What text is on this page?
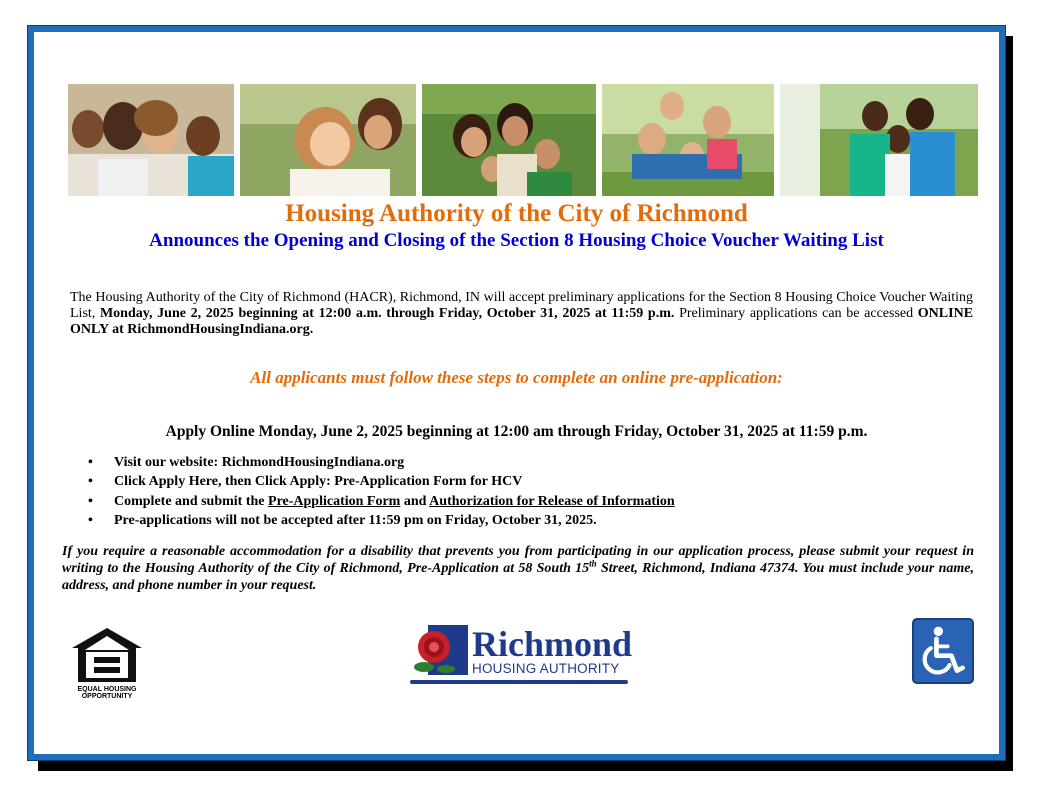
Housing Authority of the City of Richmond
Announces the Opening and Closing of the Section 8 Housing Choice Voucher Waiting List
The Housing Authority of the City of Richmond (HACR), Richmond, IN will accept preliminary applications for the Section 8 Housing Choice Voucher Waiting List, Monday, June 2, 2025 beginning at 12:00 a.m. through Friday, October 31, 2025 at 11:59 p.m. Preliminary applications can be accessed ONLINE ONLY at RichmondHousingIndiana.org.
All applicants must follow these steps to complete an online pre-application:
Apply Online Monday, June 2, 2025 beginning at 12:00 am through Friday, October 31, 2025 at 11:59 p.m.
• Visit our website: RichmondHousingIndiana.org
• Click Apply Here, then Click Apply: Pre-Application Form for HCV
• Complete and submit the Pre-Application Form and Authorization for Release of Information
• Pre-applications will not be accepted after 11:59 pm on Friday, October 31, 2025.
If you require a reasonable accommodation for a disability that prevents you from participating in our application process, please submit your request in writing to the Housing Authority of the City of Richmond, Pre-Application at 58 South 15th Street, Richmond, Indiana 47374. You must include your name, address, and phone number in your request.
EQUAL HOUSING
OPPORTUNITY
Richmond
HOUSING AUTHORITY
